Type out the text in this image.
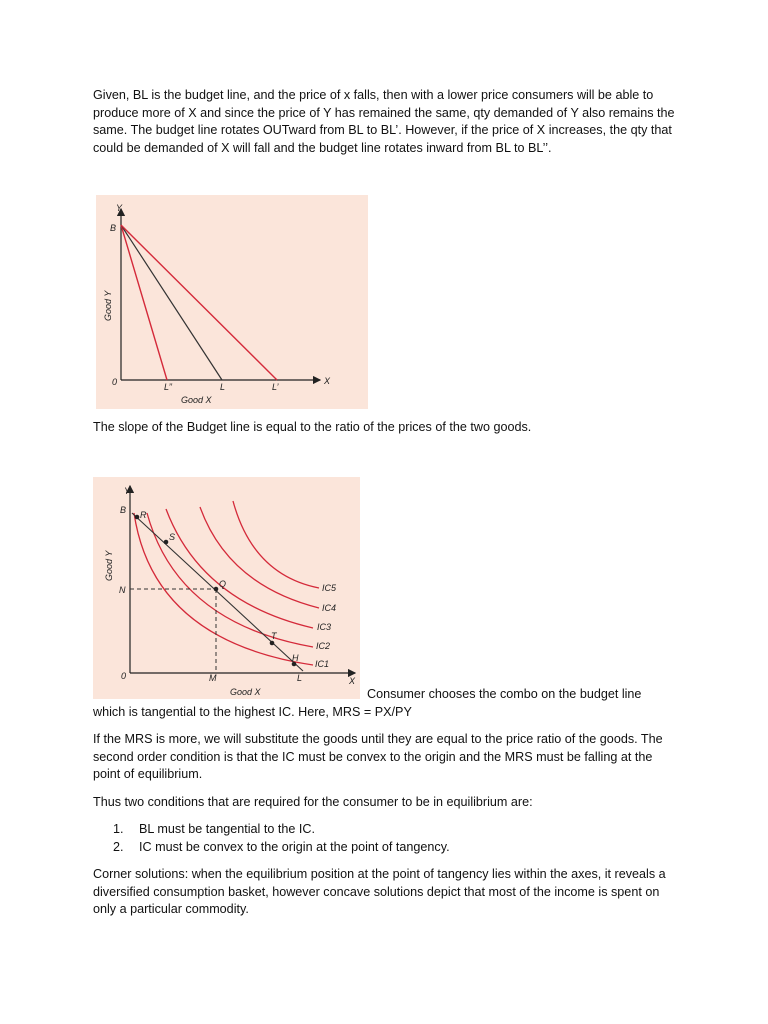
Given, BL is the budget line, and the price of x falls, then with a lower price consumers will be able to produce more of X and since the price of Y has remained the same, qty demanded of Y also remains the same. The budget line rotates OUTward from BL to BL’. However, if the price of X increases, the qty that could be demanded of X will fall and the budget line rotates inward from BL to BL’’.

Y
B
0	X
L’’	L	L’
Good X
Good Y

The slope of the Budget line is equal to the ratio of the prices of the two goods.

Y
B R
S
Q
T
H
N
M	L
0	X
Good X
Good Y
IC5
IC4
IC3
IC2
IC1

Consumer chooses the combo on the budget line

which is tangential to the highest IC. Here, MRS = PX/PY

If the MRS is more, we will substitute the goods until they are equal to the price ratio of the goods. The second order condition is that the IC must be convex to the origin and the MRS must be falling at the point of equilibrium.

Thus two conditions that are required for the consumer to be in equilibrium are:

1. BL must be tangential to the IC.
2. IC must be convex to the origin at the point of tangency.

Corner solutions: when the equilibrium position at the point of tangency lies within the axes, it reveals a diversified consumption basket, however concave solutions depict that most of the income is spent on only a particular commodity.
